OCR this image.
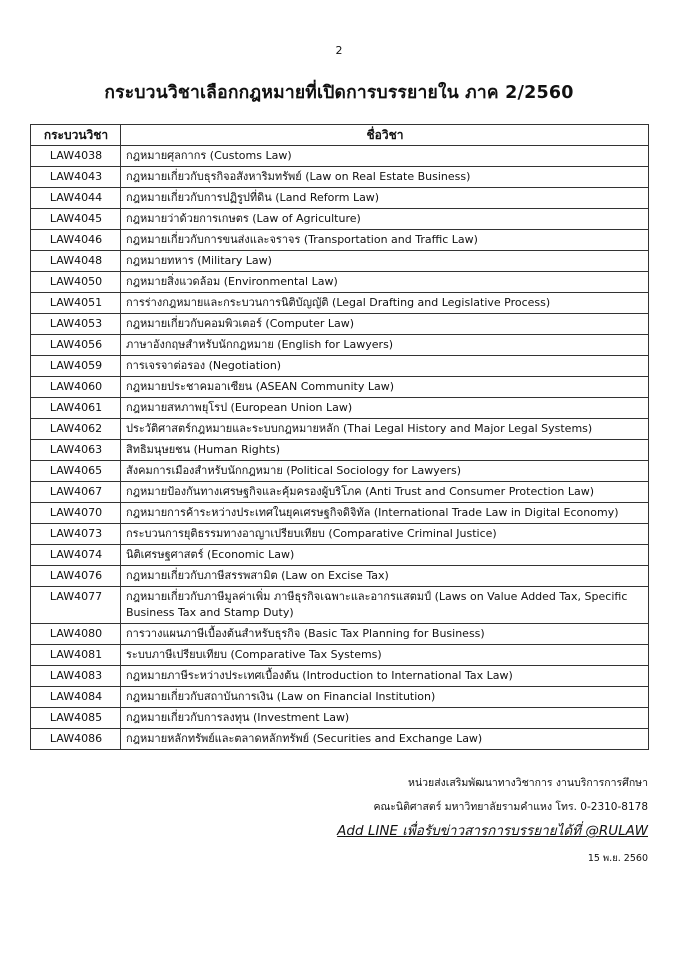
2
กระบวนวิชาเลือกกฎหมายที่เปิดการบรรยายใน ภาค 2/2560
กระบวนวิชา	ชื่อวิชา
LAW4038	กฎหมายศุลกากร (Customs Law)
LAW4043	กฎหมายเกี่ยวกับธุรกิจอสังหาริมทรัพย์ (Law on Real Estate Business)
LAW4044	กฎหมายเกี่ยวกับการปฏิรูปที่ดิน (Land Reform Law)
LAW4045	กฎหมายว่าด้วยการเกษตร (Law of Agriculture)
LAW4046	กฎหมายเกี่ยวกับการขนส่งและจราจร (Transportation and Traffic Law)
LAW4048	กฎหมายทหาร (Military Law)
LAW4050	กฎหมายสิ่งแวดล้อม (Environmental Law)
LAW4051	การร่างกฎหมายและกระบวนการนิติบัญญัติ (Legal Drafting and Legislative Process)
LAW4053	กฎหมายเกี่ยวกับคอมพิวเตอร์ (Computer Law)
LAW4056	ภาษาอังกฤษสำหรับนักกฎหมาย (English for Lawyers)
LAW4059	การเจรจาต่อรอง (Negotiation)
LAW4060	กฎหมายประชาคมอาเซียน (ASEAN Community Law)
LAW4061	กฎหมายสหภาพยุโรป (European Union Law)
LAW4062	ประวัติศาสตร์กฎหมายและระบบกฎหมายหลัก (Thai Legal History and Major Legal Systems)
LAW4063	สิทธิมนุษยชน (Human Rights)
LAW4065	สังคมการเมืองสำหรับนักกฎหมาย (Political Sociology for Lawyers)
LAW4067	กฎหมายป้องกันทางเศรษฐกิจและคุ้มครองผู้บริโภค (Anti Trust and Consumer Protection Law)
LAW4070	กฎหมายการค้าระหว่างประเทศในยุคเศรษฐกิจดิจิทัล (International Trade Law in Digital Economy)
LAW4073	กระบวนการยุติธรรมทางอาญาเปรียบเทียบ (Comparative Criminal Justice)
LAW4074	นิติเศรษฐศาสตร์ (Economic Law)
LAW4076	กฎหมายเกี่ยวกับภาษีสรรพสามิต (Law on Excise Tax)
LAW4077	กฎหมายเกี่ยวกับภาษีมูลค่าเพิ่ม ภาษีธุรกิจเฉพาะและอากรแสตมป์ (Laws on Value Added Tax, Specific Business Tax and Stamp Duty)
LAW4080	การวางแผนภาษีเบื้องต้นสำหรับธุรกิจ (Basic Tax Planning for Business)
LAW4081	ระบบภาษีเปรียบเทียบ (Comparative Tax Systems)
LAW4083	กฎหมายภาษีระหว่างประเทศเบื้องต้น (Introduction to International Tax Law)
LAW4084	กฎหมายเกี่ยวกับสถาบันการเงิน (Law on Financial Institution)
LAW4085	กฎหมายเกี่ยวกับการลงทุน (Investment Law)
LAW4086	กฎหมายหลักทรัพย์และตลาดหลักทรัพย์ (Securities and Exchange Law)
หน่วยส่งเสริมพัฒนาทางวิชาการ งานบริการการศึกษา
คณะนิติศาสตร์ มหาวิทยาลัยรามคำแหง โทร. 0-2310-8178
Add LINE เพื่อรับข่าวสารการบรรยายได้ที่ @RULAW
15 พ.ย. 2560
